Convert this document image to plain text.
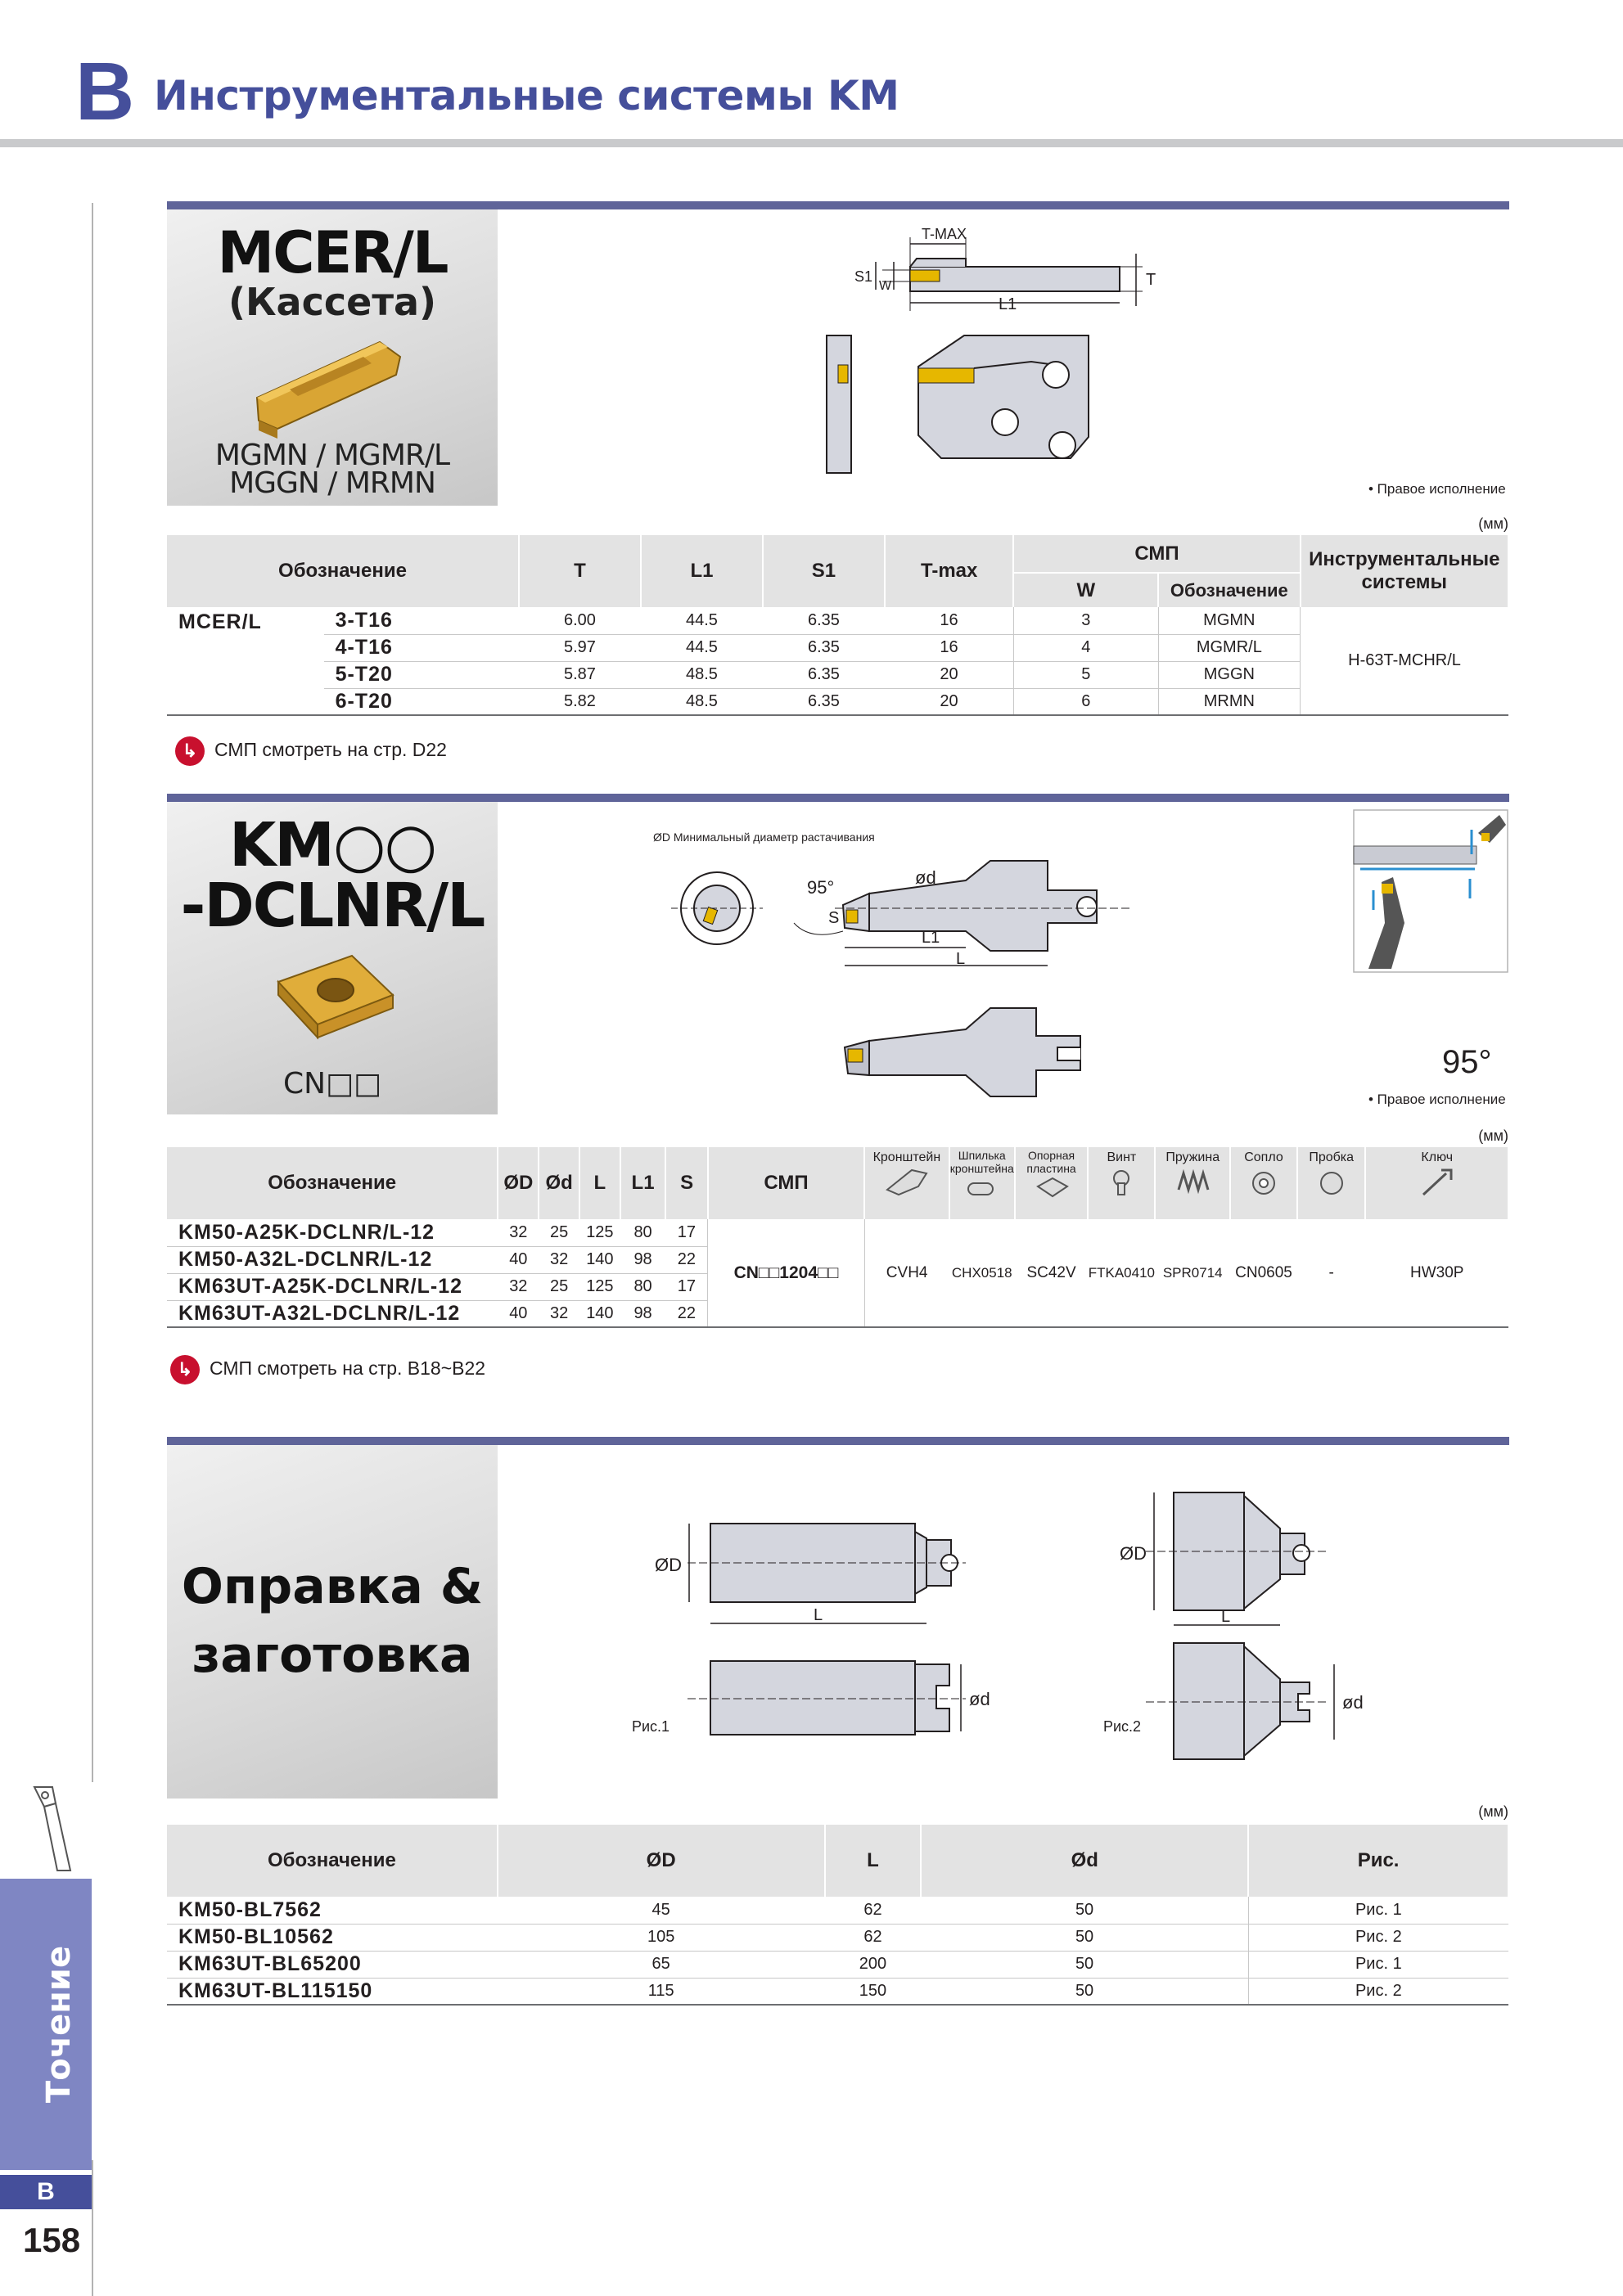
B Инструментальные системы KM
Точение
B
158
MCER/L
(Кассета)
MGMN / MGMR/L
MGGN / MRMN
T-MAX
L1
T
S1
W
• Правое исполнение
(мм)
Обозначение		T	L1	S1	T-max	СМП		Инструментальные системы
						W	Обозначение	
MCER/L	3-T16	6.00	44.5	6.35	16	3	MGMN	H-63T-MCHR/L
	4-T16	5.97	44.5	6.35	16	4	MGMR/L	
	5-T20	5.87	48.5	6.35	20	5	MGGN	
	6-T20	5.82	48.5	6.35	20	6	MRMN	
↳ СМП смотреть на стр. D22
KM○○
-DCLNR/L
CN□□
ØD Минимальный диаметр растачивания
ød
95°
S
L1
L
95°
• Правое исполнение
(мм)
Обозначение	ØD	Ød	L	L1	S	СМП	Кронштейн	Шпилька кронштейна	Опорная пластина	Винт	Пружина	Сопло	Пробка	Ключ

KM50-A25K-DCLNR/L-12	32	25	125	80	17	CN□□1204□□	CVH4	CHX0518	SC42V	FTKA0410	SPR0714	CN0605	-	HW30P
KM50-A32L-DCLNR/L-12	40	32	140	98	22									
KM63UT-A25K-DCLNR/L-12	32	25	125	80	17									
KM63UT-A32L-DCLNR/L-12	40	32	140	98	22									
↳ СМП смотреть на стр. B18~B22
Оправка &
заготовка
ØD
L
ød
Рис.1
ØD
L
ød
Рис.2
(мм)
Обозначение	ØD	L	Ød	Рис.
KM50-BL7562	45	62	50	Рис. 1
KM50-BL10562	105	62	50	Рис. 2
KM63UT-BL65200	65	200	50	Рис. 1
KM63UT-BL115150	115	150	50	Рис. 2
